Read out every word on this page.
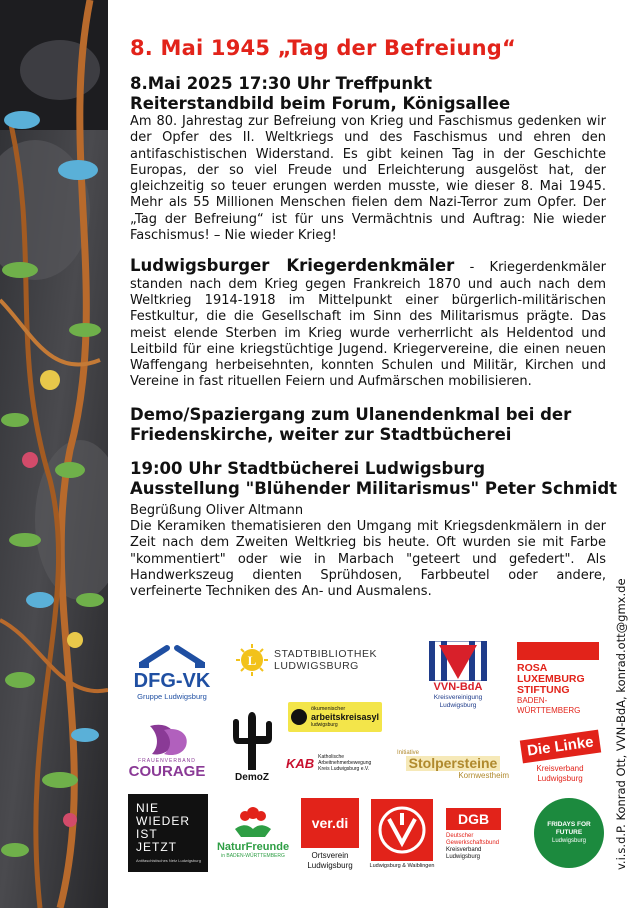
8. Mai 1945 „Tag der Befreiung“

8.Mai 2025 17:30 Uhr Treffpunkt

Reiterstandbild beim Forum, Königsallee

Am 80. Jahrestag zur Befreiung von Krieg und Faschismus gedenken wir der Opfer des II. Weltkriegs und des Faschismus und ehren den antifaschistischen Widerstand. Es gibt keinen Tag in der Geschichte Europas, der so viel Freude und Erleichterung ausgelöst hat, der gleichzeitig so teuer erungen werden musste, wie dieser 8. Mai 1945. Mehr als 55 Millionen Menschen fielen dem Nazi-Terror zum Opfer. Der „Tag der Befreiung“ ist für uns Vermächtnis und Auftrag: Nie wieder Faschismus! – Nie wieder Krieg!

Ludwigsburger Kriegerdenkmäler - Kriegerdenkmäler standen nach dem Krieg gegen Frankreich 1870 und auch nach dem Weltkrieg 1914-1918 im Mittelpunkt einer bürgerlich-militärischen Festkultur, die die Gesellschaft im Sinn des Militarismus prägte. Das meist elende Sterben im Krieg wurde verherrlicht als Heldentod und Leitbild für eine kriegstüchtige Jugend. Kriegervereine, die einen neuen Waffengang herbeisehnten, konnten Schulen und Militär, Kirchen und Vereine in fast rituellen Feiern und Aufmärschen mobilisieren.

Demo/Spaziergang zum Ulanendenkmal bei der

Friedenskirche, weiter zur Stadtbücherei

19:00 Uhr Stadtbücherei Ludwigsburg

Ausstellung "Blühender Militarismus" Peter Schmidt

Begrüßung Oliver Altmann

Die Keramiken thematisieren den Umgang mit Kriegsdenkmälern in der Zeit nach dem Zweiten Weltkrieg bis heute. Oft wurden sie mit Farbe "kommentiert" oder wie in Marbach "geteert und gefedert". Als Handwerkszeug dienten Sprühdosen, Farbbeutel oder andere, verfeinerte Techniken des An- und Ausmalens.	v.i.s.d.P. Konrad Ott, VVN-BdA, konrad.ott@gmx.de
DFG-VK
Gruppe Ludwigsburg
L STADTBIBLIOTHEK
LUDWIGSBURG
VVN-BdA
Kreisvereinigung
Ludwigsburg
ROSA
LUXEMBURG
STIFTUNG
BADEN-
WÜRTTEMBERG
FRAUENVERBAND
COURAGE	DemoZ
ökumenischer
arbeitskreisasyl
ludwigsburg
KAB Katholische Arbeitnehmerbewegung
Kreis Ludwigsburg e.V.
Initiative
Stolpersteine
Kornwestheim
Die Linke
Kreisverband
Ludwigsburg
NIE
WIEDER
IST
JETZT
Antifaschistisches Netz Ludwigsburg
NaturFreunde
in BADEN-WÜRTTEMBERG
ver.di
Ortsverein
Ludwigsburg	Ludwigsburg & Waiblingen
DGB
Deutscher
Gewerkschaftsbund
Kreisverband
Ludwigsburg
FRIDAYS FOR FUTURE
Ludwigsburg
